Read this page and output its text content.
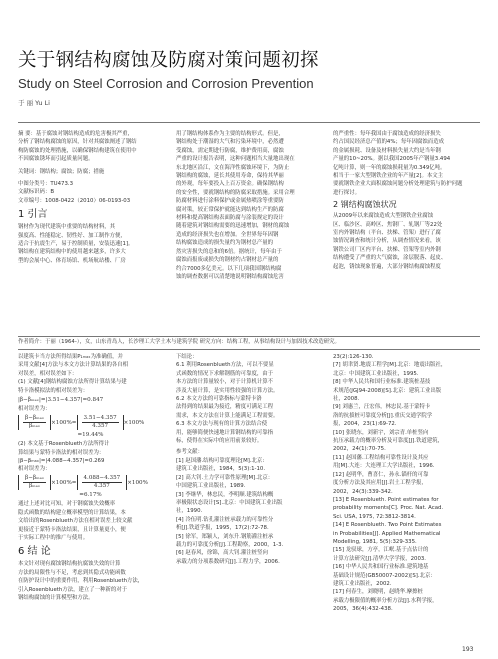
关于钢结构腐蚀及防腐对策问题初探
Study on Steel Corrosion and Corrosion Prevention
于 丽 Yu Li
摘 要：基于腐蚀对钢结构造成的危害极其严重，
分析了钢结构腐蚀的原因，针对其腐蚀阐述了钢结
构防腐蚀的处理措施，以确保钢结构建筑在使用中
不因腐蚀锈坏而引起质量问题。
关键词：钢结构；腐蚀；防腐；措施
中图分类号：TU473.3
文献标识码：B
文章编号：1008-0422（2010）06-0193-03
1 引言
钢材作为现代建筑中重要的结构材料，其
强度高、性能稳定、韧性好、加工制作方便，
适合于抗震生产，易于控制质量，安装迅速[1]。
钢结构在建筑结构中的使用越来越多，许多大
型的会展中心、体育场馆、机场航站楼、厂房
用了钢结构体系作为主要的结构形式。但是，
钢结构处于潮湿的大气和污染环境中，必然遭
受腐蚀，需定期进行防腐，维护费用高，腐蚀
严重的设计报告表明，这种问题相当大量地出现在
东北地区沿江，文在海洋性腐蚀环境下，为防止
钢结构的腐蚀，延长其使用寿命，保持其华丽
的外观，每年要投入上百万资金。确保钢结构
的安全性，要就钢结构的防腐采取措施。采用合理
防腐材料进行涂料保护或金属热喷涂等重要防
腐对策，较正常保护就能达到结构生产的防腐
材料和提高钢结构表面防腐与涂装规定的设计
随着建筑对钢结构需要的迅速增加，钢材的腐蚀
造成的经济损失也在增加。全世界每年因钢
结构腐蚀造成的损失量约为钢材总产量的
然灾害损失的总和的6倍。据统计，每年由于
腐蚀而报废或损失的钢材约占钢材总产量的
约合7000多亿美元。以下几项我国钢结构腐
蚀的调查数据可以清楚地说明钢结构腐蚀危害
的严重性：每年我国由于腐蚀造成的经济损失
约占国民经济总产值的4%；每年因腐蚀而造成
的金属损耗、设备及材料损失量大约是当年钢
产量的10~20%。据以我国2005年产钢量3.494
亿吨计算，则一年的腐蚀损耗量为0.349亿吨。
相当于一家大型钢铁企业的年产量[2]。本文主
要就钢铁企业大面积腐蚀问题分析处理建筑与防护问题
进行探讨。
2 钢结构腐蚀状况
从2009年以来腐蚀造成大型钢铁企业腐蚀
区、临沙区、高岭区、焦钢厂、轧钢厂等22处
室内外钢结构（平台、扶梯、管架）进行了腐
蚀情况调查和统计分析，从调查情况来看，该
钢铁公司厂区内平台、扶梯、管架等室内外钢
结构遭受了严重的大气腐蚀，涂层脱落、起皮、
起泡，锈蚀现象普遍，大部分钢结构腐蚀程度
作者简介：于丽（1964-），女，山东青岛人，长沙理工大学土木与建筑学院 研究方向：结构工程，从事结构设计与加固技术改造研究。
以建筑卡当方法所得结果P₁ₘₐₓ为准确值，并
采用文献[4]方法与本文方法计算结果的各自相
对误差，相对误差如下：
(1) 文献[4]钢结构腐蚀方法所得计算结果与建
特卡洛模拟法的相对误差为：
|β−βₘₐₓ|=|3.51−4.357|=0.847
相对误差为：
$\frac{\text{β−βₘₐₓ}}{\text{βₘₐₓ}} \times 100\%= \frac{3.51-4.357}{4.357} \times 100\%$
=19.44%
(2) 本文基于Rosenblueth方法所得计
算结果与蒙特卡洛法的相对误差为：
|β−βₘₐₓ|=|4.088−4.357|=0.269
相对误差为：
$\frac{\text{β−βₘₐₓ}}{\text{βₘₐₓ}} \times 100\%= \frac{4.088-4.357}{4.357} \times 100\%$
=6.17%
通过上述对比可知，对于钢腐蚀失效概率
隐式函数的结构建立概率模型的计算结果，本
文给出的Rosenblueth方法在相对误差上较文献
更接近于蒙特卡洛法结果，且计算量更小，便
于实际工程中的推广与使用。
6 结 论
本文针对现有腐蚀钢结构抗腐蚀失效的计算
方法的局限性与不足，考虑到其隐式功能函数
在防护设计中的重要作用，利用Rosenblueth方法，
引入Rosenblueth方法，建立了一种新的对于
钢结构腐蚀的计算模型和方法。
下结论：
6.1 利用Rosenblueth方法，可以不要显
式函数的情况下求解钢筋的可靠度，由于
本方法的计算量较小，对于计算机计算不
涉及大量计算，是实用性较强的计算方法。
6.2 本文方法的可靠指标与蒙特卡洛
法得到的结果最为接近，精度可满足工程
需求，本文方法在计算上能满足工程需要。
6.3 本文方法与现有的计算方法结合使
用，能够简便快速地计算钢结构的可靠指
标，使得在实际中的应用前景较好。
参考文献：
[1] 赵国藩.结构可靠度理论[M].北京:
建筑工业出版社，1984，5(3):1-10.
[2] 高大钊.土力学可靠性原理[M].北京：
中国建筑工业出版社，1989.
[3] 李继华，林忠民，李明顺.建筑结构概
率极限状态设计[S].北京：中国建筑工业出版
社，1990.
[4] 冷伍明.钻孔灌注桩承载力的可靠性分
析[J].铁道学报，1995，17(2):72-78.
[5] 徐军，郑颖人，刘东升.钢筋灌注桩承
载力的可靠度分析[J].工程勘察，2000，1-3.
[6] 赵春风，徐锦，高大钊.灌注桩竖向
承载力的分项系数研究[J].工程力学，2006.
23(2):126-130.
[7] 胡聿贤.地震工程学[M].北京：地震出版社，
北京：中国建筑工业出版社，1995.
[8] 中华人民共和国行业标准.建筑桩基技
术规范(JGJ94-2008)[S].北京：建筑工业出版
社，2008.
[9] 刘惠兰，汪宏伟，林忠民.基于蒙特卡
洛的抗拔桩可靠度分析[J].重庆交通学院学
报，2004，23(1):69-72.
[10] 张晓东，刘新宇，刘宗青.单桩竖向
抗压承载力的概率分析及可靠度[J].铁道建筑，
2002，24(1):70-75.
[11] 赵国藩.工程结构可靠性设计及其应
用[M].大连：大连理工大学出版社，1996.
[12] 赵明华，曹喜仁，孙永.锚杆的可靠
度分析方法及其应用[J].岩土工程学报，
2002，24(3):339-342.
[13] E Rosenblueth. Point estimates for
probability moments[C]. Proc. Nat. Acad.
Sci. USA, 1975, 72:3812-3814.
[14] E Rosenblueth. Two Point Estimates
in Probabilities[J]. Applied Mathematical
Modelling, 1981, 5(5):329-335.
[15] 龙驭球，方亭，江岷.基于点估计的
计算方法研究[J].清华大学学报，2003.
[16] 中华人民共和国行业标准.建筑地基
基础设计规范(GB50007-2002)[S].北京：
建筑工业出版社，2002.
[17] 何春生，刘晓明，赵晓华.摩擦桩
承载力极限值的概率分析方法[J].水利学报，
2005，36(4):432-438.
193
